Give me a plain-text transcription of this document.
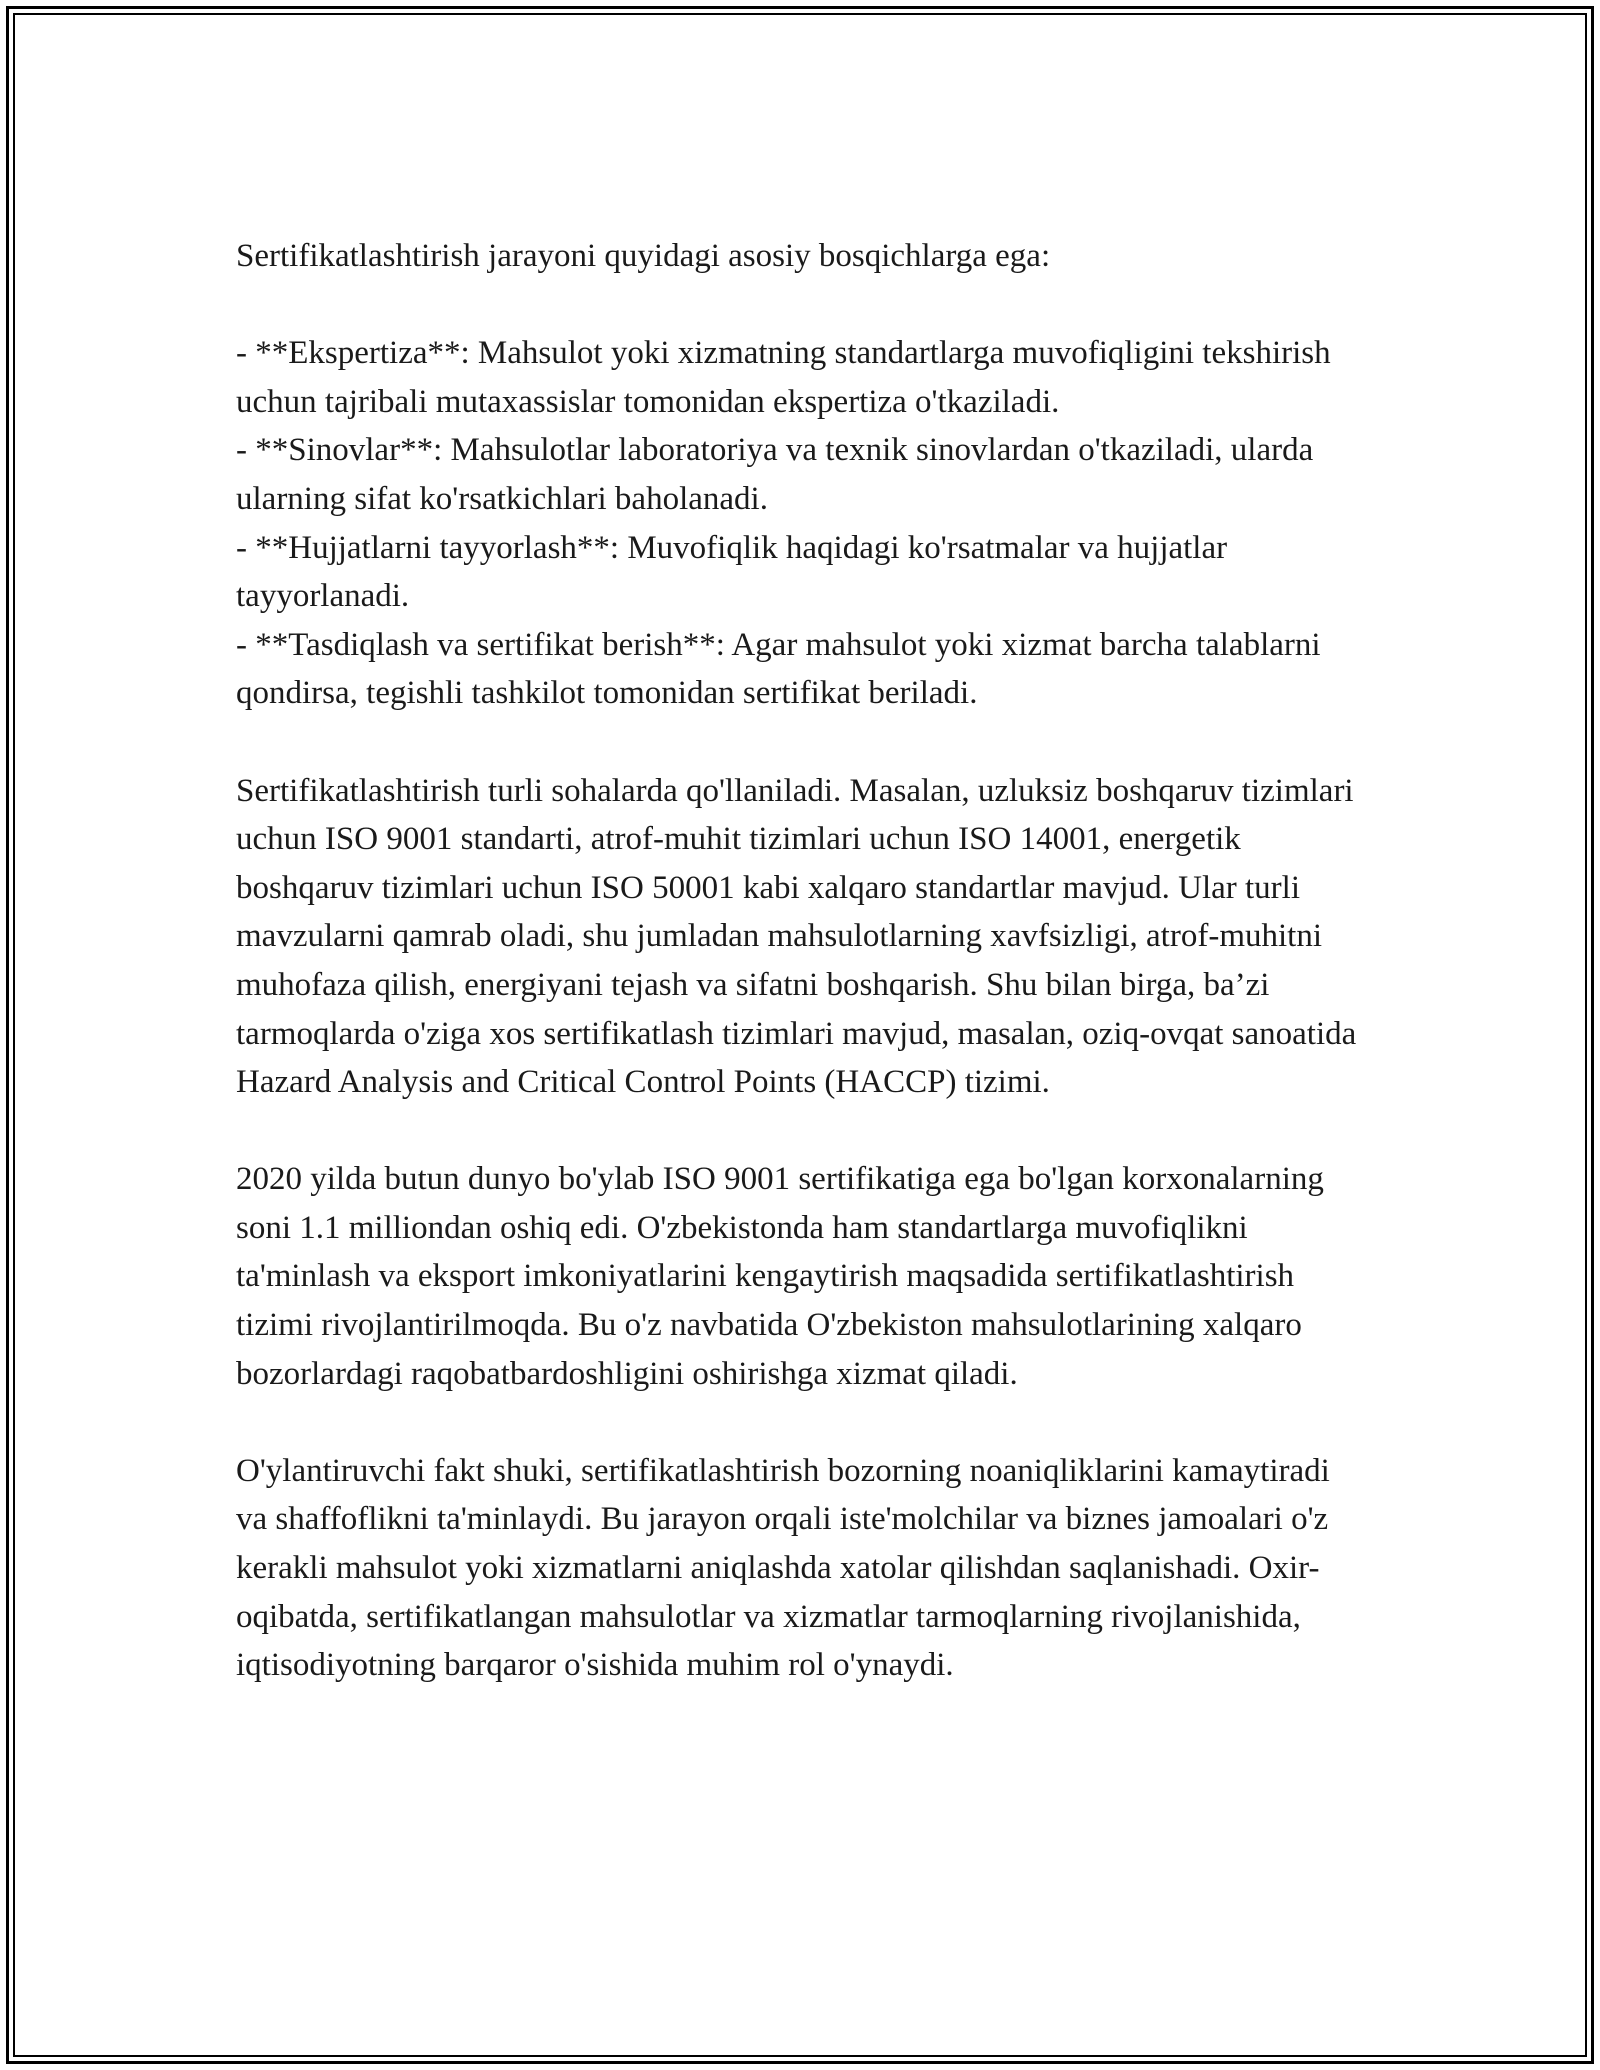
Sertifikatlashtirish jarayoni quyidagi asosiy bosqichlarga ega:

- **Ekspertiza**: Mahsulot yoki xizmatning standartlarga muvofiqligini tekshirish uchun tajribali mutaxassislar tomonidan ekspertiza o'tkaziladi.
- **Sinovlar**: Mahsulotlar laboratoriya va texnik sinovlardan o'tkaziladi, ularda ularning sifat ko'rsatkichlari baholanadi.
- **Hujjatlarni tayyorlash**: Muvofiqlik haqidagi ko'rsatmalar va hujjatlar tayyorlanadi.
- **Tasdiqlash va sertifikat berish**: Agar mahsulot yoki xizmat barcha talablarni qondirsa, tegishli tashkilot tomonidan sertifikat beriladi.

Sertifikatlashtirish turli sohalarda qo'llaniladi. Masalan, uzluksiz boshqaruv tizimlari uchun ISO 9001 standarti, atrof-muhit tizimlari uchun ISO 14001, energetik boshqaruv tizimlari uchun ISO 50001 kabi xalqaro standartlar mavjud. Ular turli mavzularni qamrab oladi, shu jumladan mahsulotlarning xavfsizligi, atrof-muhitni muhofaza qilish, energiyani tejash va sifatni boshqarish. Shu bilan birga, ba’zi tarmoqlarda o'ziga xos sertifikatlash tizimlari mavjud, masalan, oziq-ovqat sanoatida Hazard Analysis and Critical Control Points (HACCP) tizimi.

2020 yilda butun dunyo bo'ylab ISO 9001 sertifikatiga ega bo'lgan korxonalarning soni 1.1 milliondan oshiq edi. O'zbekistonda ham standartlarga muvofiqlikni ta'minlash va eksport imkoniyatlarini kengaytirish maqsadida sertifikatlashtirish tizimi rivojlantirilmoqda. Bu o'z navbatida O'zbekiston mahsulotlarining xalqaro bozorlardagi raqobatbardoshligini oshirishga xizmat qiladi.

O'ylantiruvchi fakt shuki, sertifikatlashtirish bozorning noaniqliklarini kamaytiradi va shaffoflikni ta'minlaydi. Bu jarayon orqali iste'molchilar va biznes jamoalari o'z kerakli mahsulot yoki xizmatlarni aniqlashda xatolar qilishdan saqlanishadi. Oxir-oqibatda, sertifikatlangan mahsulotlar va xizmatlar tarmoqlarning rivojlanishida, iqtisodiyotning barqaror o'sishida muhim rol o'ynaydi.
